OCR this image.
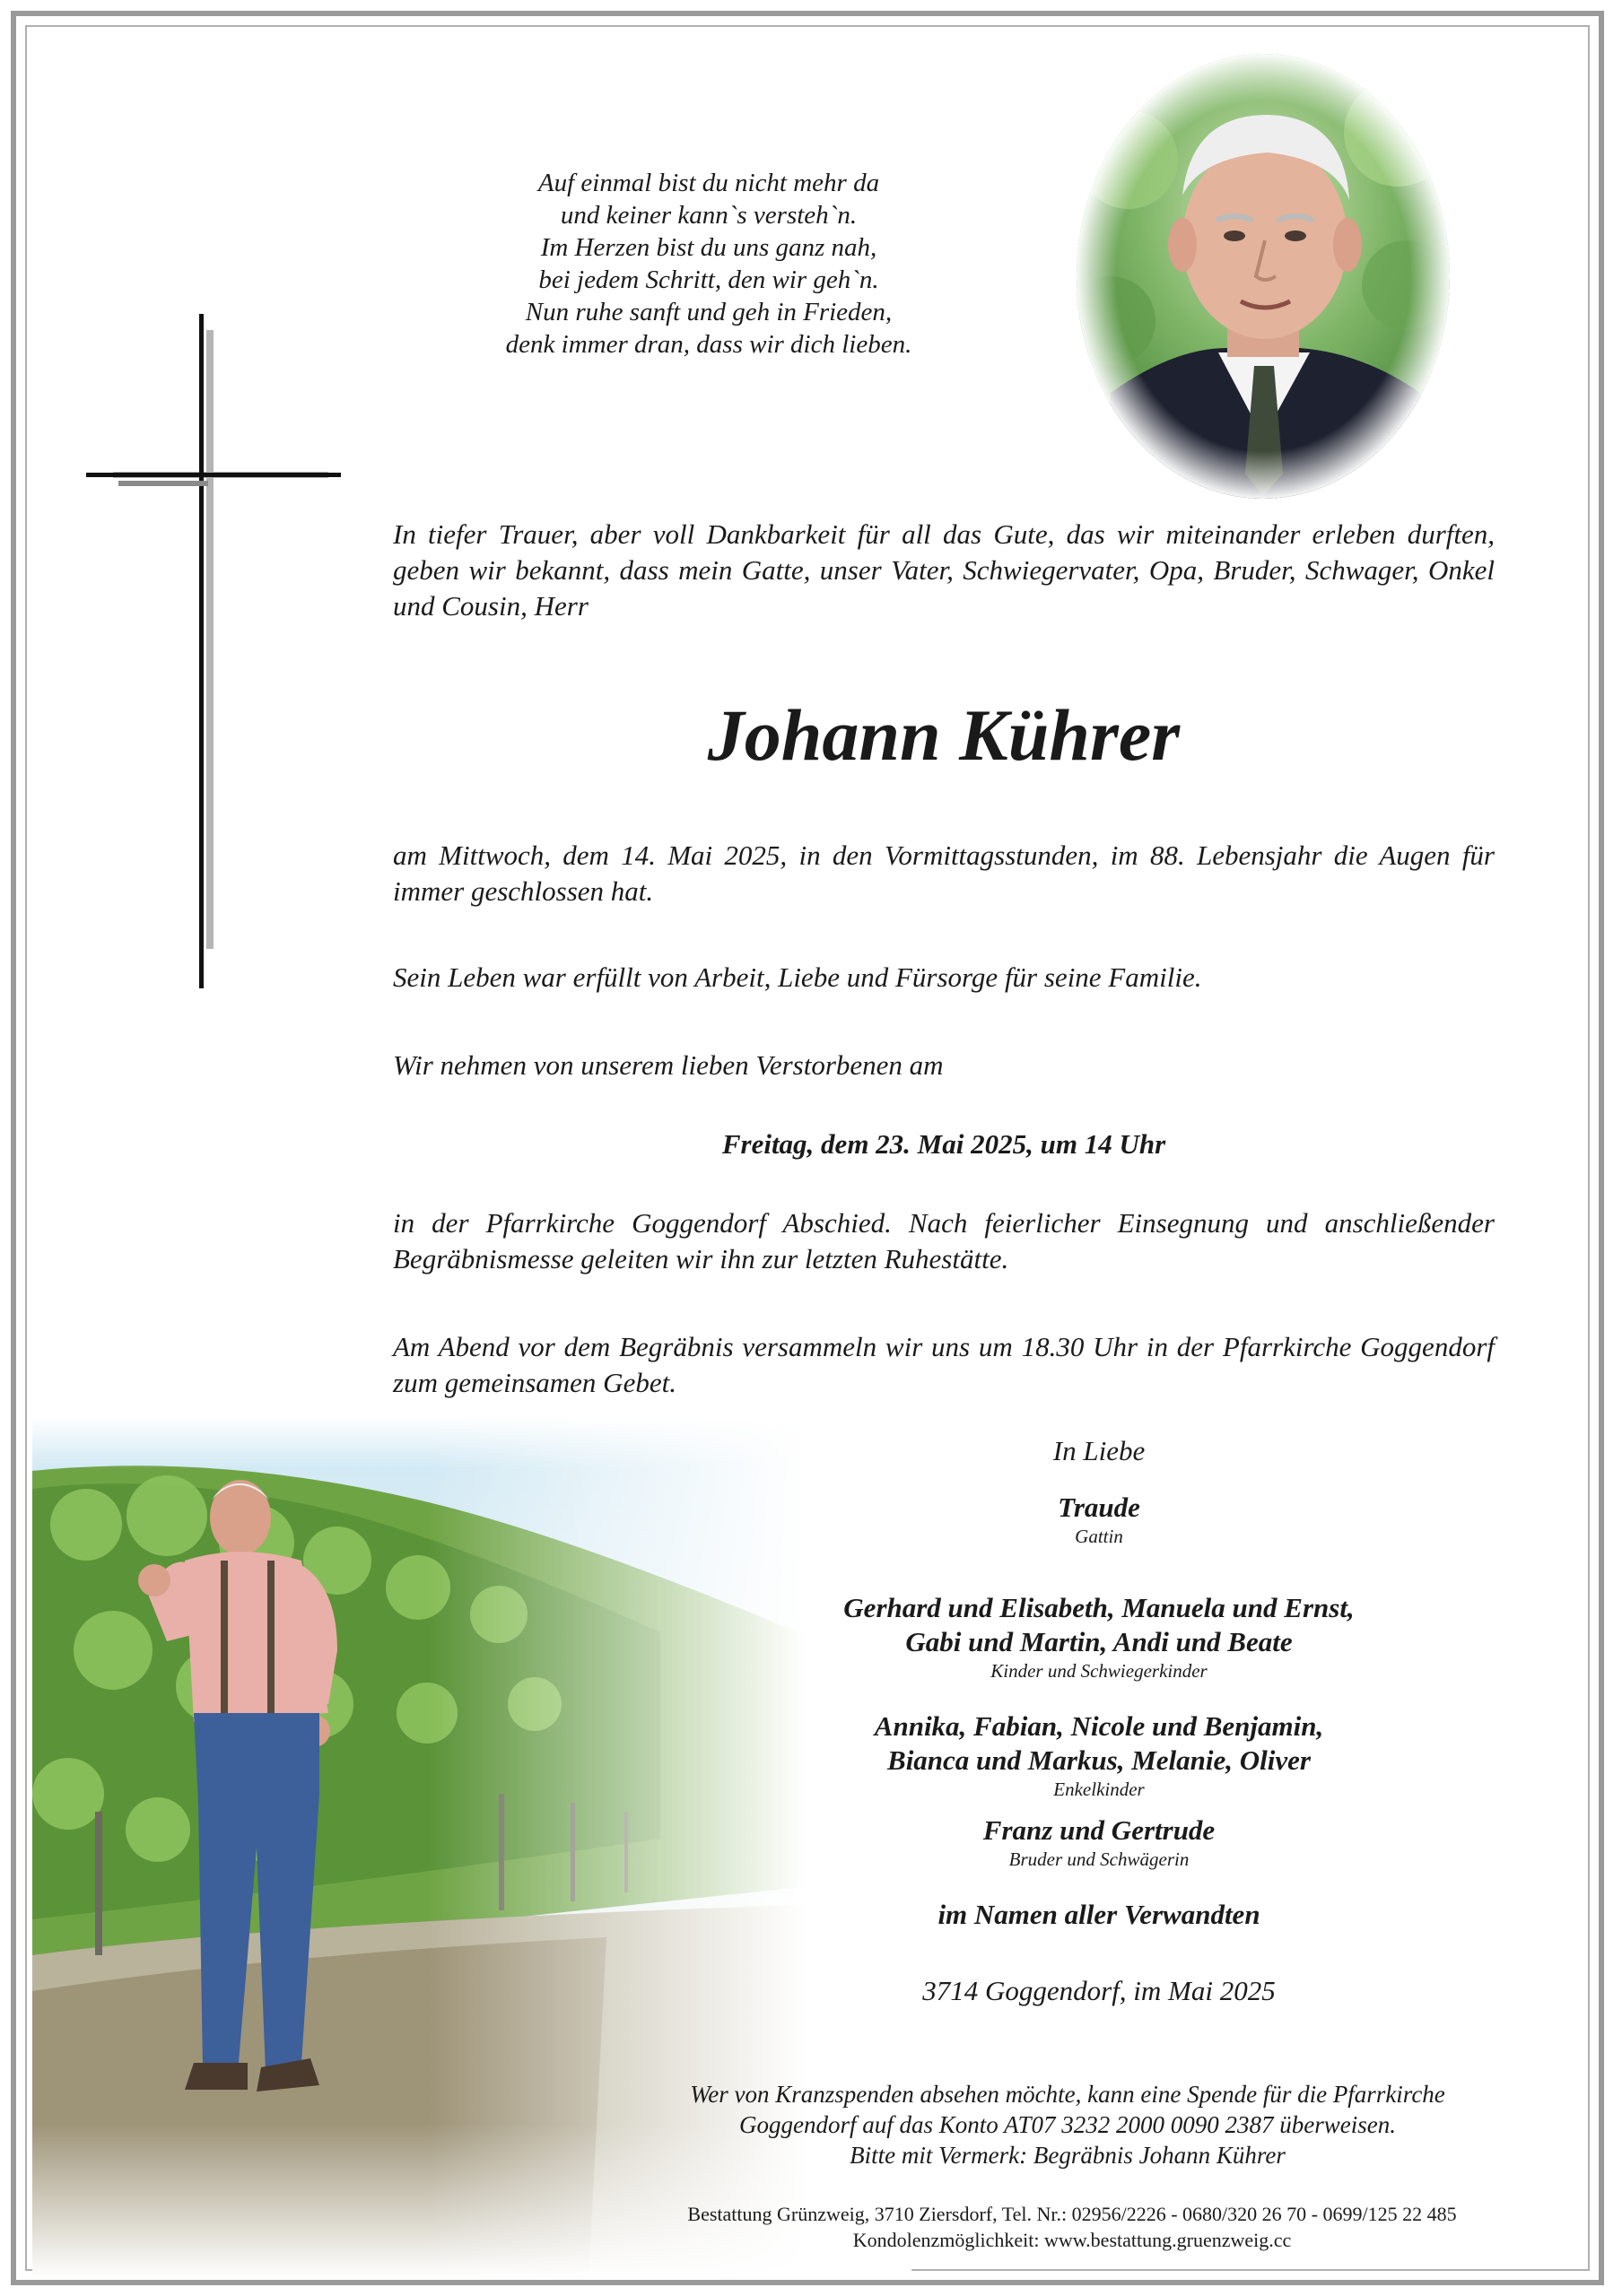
Auf einmal bist du nicht mehr da
und keiner kann`s versteh`n.
Im Herzen bist du uns ganz nah,
bei jedem Schritt, den wir geh`n.
Nun ruhe sanft und geh in Frieden,
denk immer dran, dass wir dich lieben.
In tiefer Trauer, aber voll Dankbarkeit für all das Gute, das wir miteinander erleben durften, geben wir bekannt, dass mein Gatte, unser Vater, Schwiegervater, Opa, Bruder, Schwager, Onkel und Cousin, Herr
Johann Kührer
am Mittwoch, dem 14. Mai 2025, in den Vormittagsstunden, im 88. Lebensjahr die Augen für immer geschlossen hat.
Sein Leben war erfüllt von Arbeit, Liebe und Fürsorge für seine Familie.
Wir nehmen von unserem lieben Verstorbenen am
Freitag, dem 23. Mai 2025, um 14 Uhr
in der Pfarrkirche Goggendorf Abschied. Nach feierlicher Einsegnung und anschließender Begräbnismesse geleiten wir ihn zur letzten Ruhestätte.
Am Abend vor dem Begräbnis versammeln wir uns um 18.30 Uhr in der Pfarrkirche Goggendorf zum gemeinsamen Gebet.
In Liebe
Traude
Gattin
Gerhard und Elisabeth, Manuela und Ernst,
Gabi und Martin, Andi und Beate
Kinder und Schwiegerkinder
Annika, Fabian, Nicole und Benjamin,
Bianca und Markus, Melanie, Oliver
Enkelkinder
Franz und Gertrude
Bruder und Schwägerin
im Namen aller Verwandten
3714 Goggendorf, im Mai 2025
Wer von Kranzspenden absehen möchte, kann eine Spende für die Pfarrkirche
Goggendorf auf das Konto AT07 3232 2000 0090 2387 überweisen.
Bitte mit Vermerk: Begräbnis Johann Kührer
Bestattung Grünzweig, 3710 Ziersdorf, Tel. Nr.: 02956/2226 - 0680/320 26 70 - 0699/125 22 485
Kondolenzmöglichkeit: www.bestattung.gruenzweig.cc
